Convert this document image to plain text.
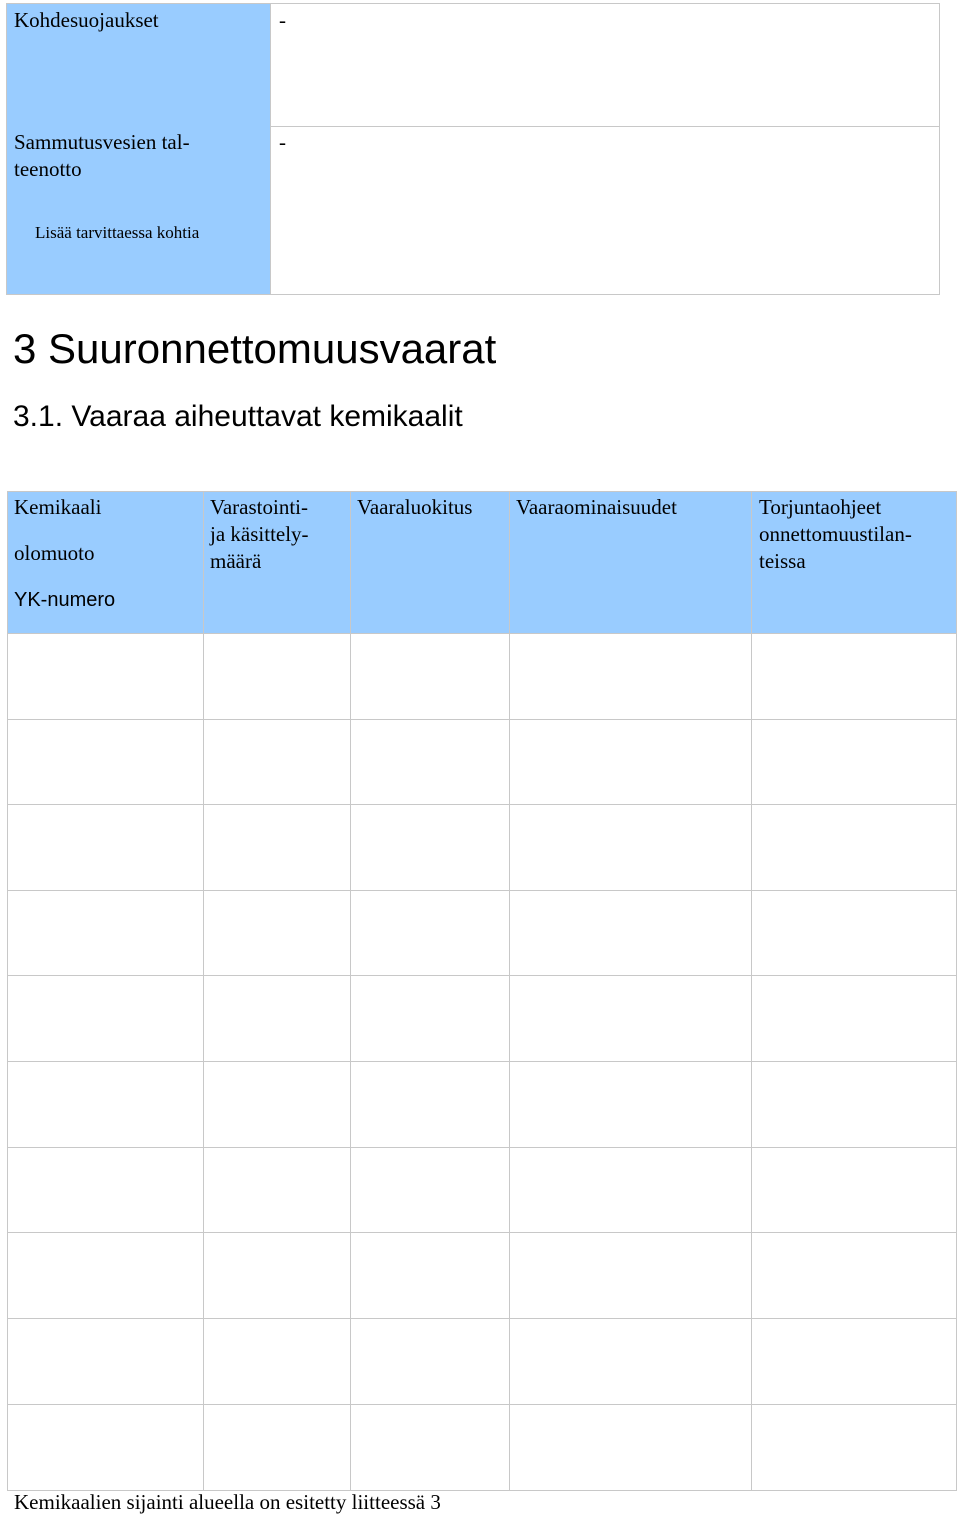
Kohdesuojaukset	-
Sammutusvesien tal-
teenotto
-
Lisää tarvittaessa kohtia
3 Suuronnettomuusvaarat
3.1. Vaaraa aiheuttavat kemikaalit
Kemikaali
olomuoto
YK-numero
Varastointi-
ja käsittely-
määrä
Vaaraluokitus Vaaraominaisuudet	Torjuntaohjeet
onnettomuustilan-
teissa
Kemikaalien sijainti alueella on esitetty liitteessä 3
